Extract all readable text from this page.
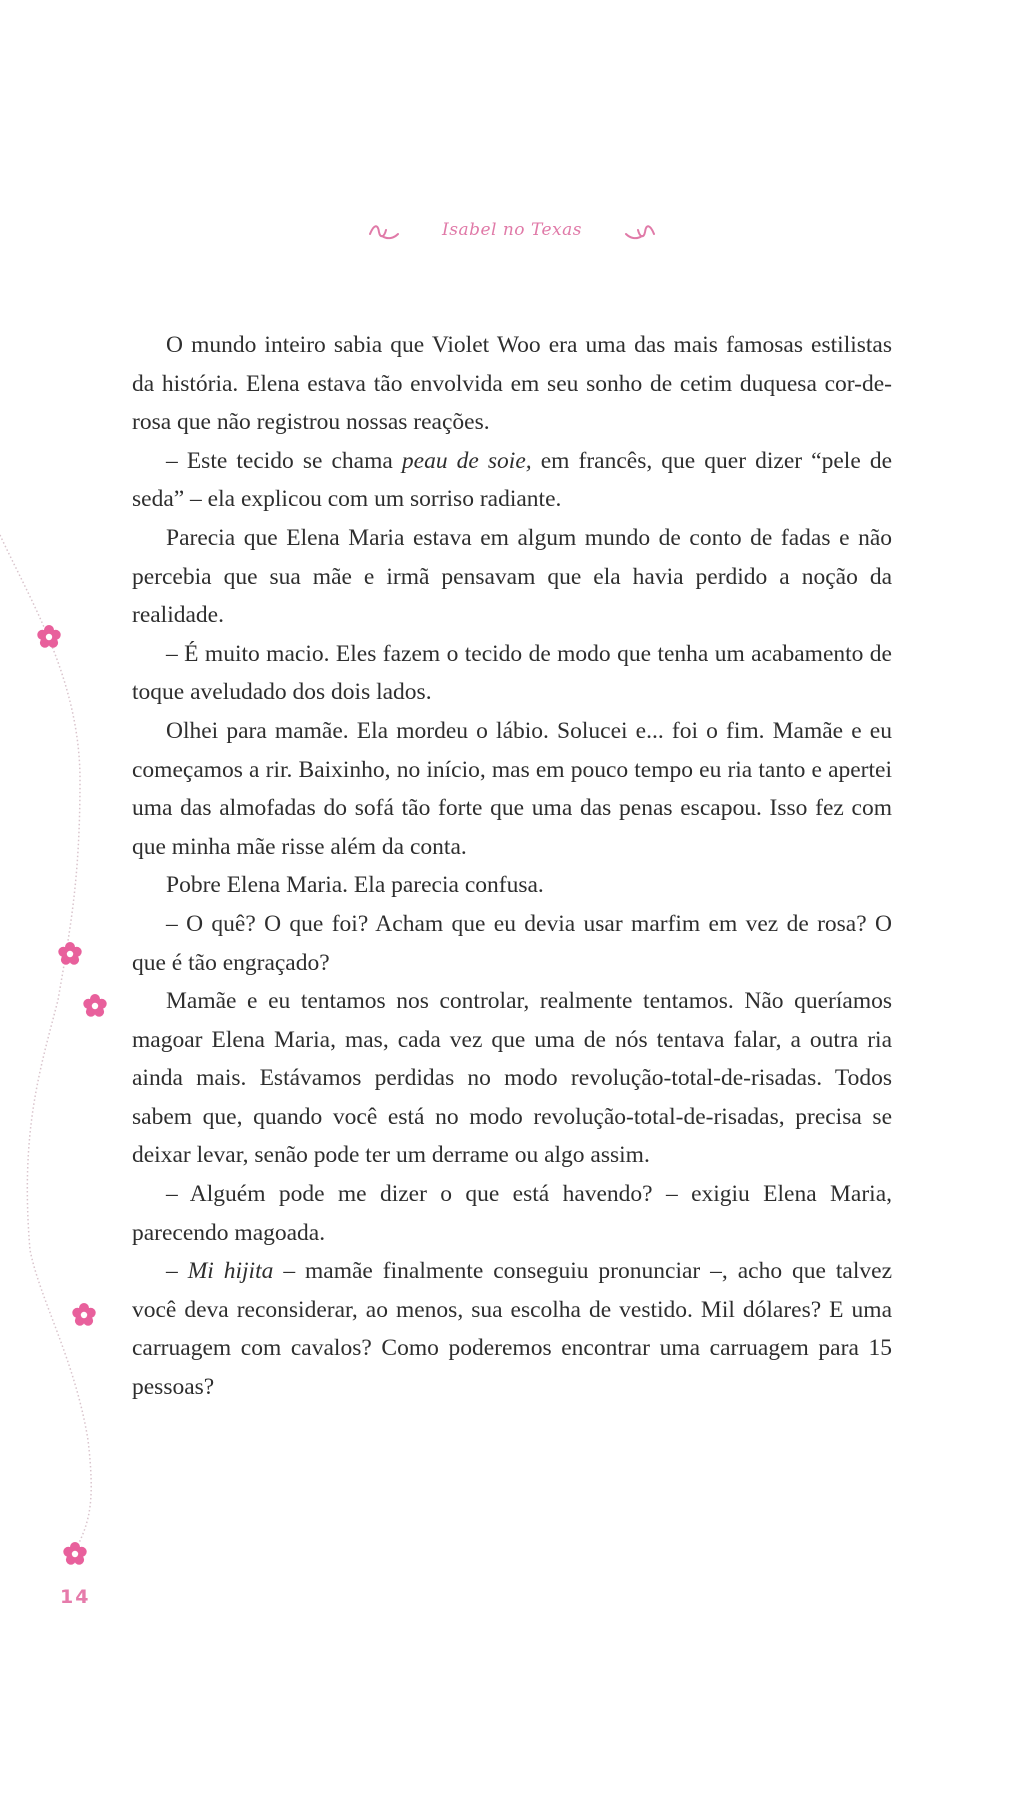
Isabel no Texas

O mundo inteiro sabia que Violet Woo era uma das mais famosas estilistas da história. Elena estava tão envolvida em seu sonho de cetim duquesa cor-de-rosa que não registrou nossas reações.

– Este tecido se chama peau de soie, em francês, que quer dizer “pele de seda” – ela explicou com um sorriso radiante.

Parecia que Elena Maria estava em algum mundo de conto de fadas e não percebia que sua mãe e irmã pensavam que ela havia perdido a noção da realidade.

– É muito macio. Eles fazem o tecido de modo que tenha um acabamento de toque aveludado dos dois lados.

Olhei para mamãe. Ela mordeu o lábio. Solucei e... foi o fim. Mamãe e eu começamos a rir. Baixinho, no início, mas em pouco tempo eu ria tanto e apertei uma das almofadas do sofá tão forte que uma das penas escapou. Isso fez com que minha mãe risse além da conta.

Pobre Elena Maria. Ela parecia confusa.

– O quê? O que foi? Acham que eu devia usar marfim em vez de rosa? O que é tão engraçado?

Mamãe e eu tentamos nos controlar, realmente tentamos. Não queríamos magoar Elena Maria, mas, cada vez que uma de nós tentava falar, a outra ria ainda mais. Estávamos perdidas no modo revolução-total-de-risadas. Todos sabem que, quando você está no modo revolução-total-de-risadas, precisa se deixar levar, senão pode ter um derrame ou algo assim.

– Alguém pode me dizer o que está havendo? – exigiu Elena Maria, parecendo magoada.

– Mi hijita – mamãe finalmente conseguiu pronunciar –, acho que talvez você deva reconsiderar, ao menos, sua escolha de vestido. Mil dólares? E uma carruagem com cavalos? Como poderemos encontrar uma carruagem para 15 pessoas?

14
